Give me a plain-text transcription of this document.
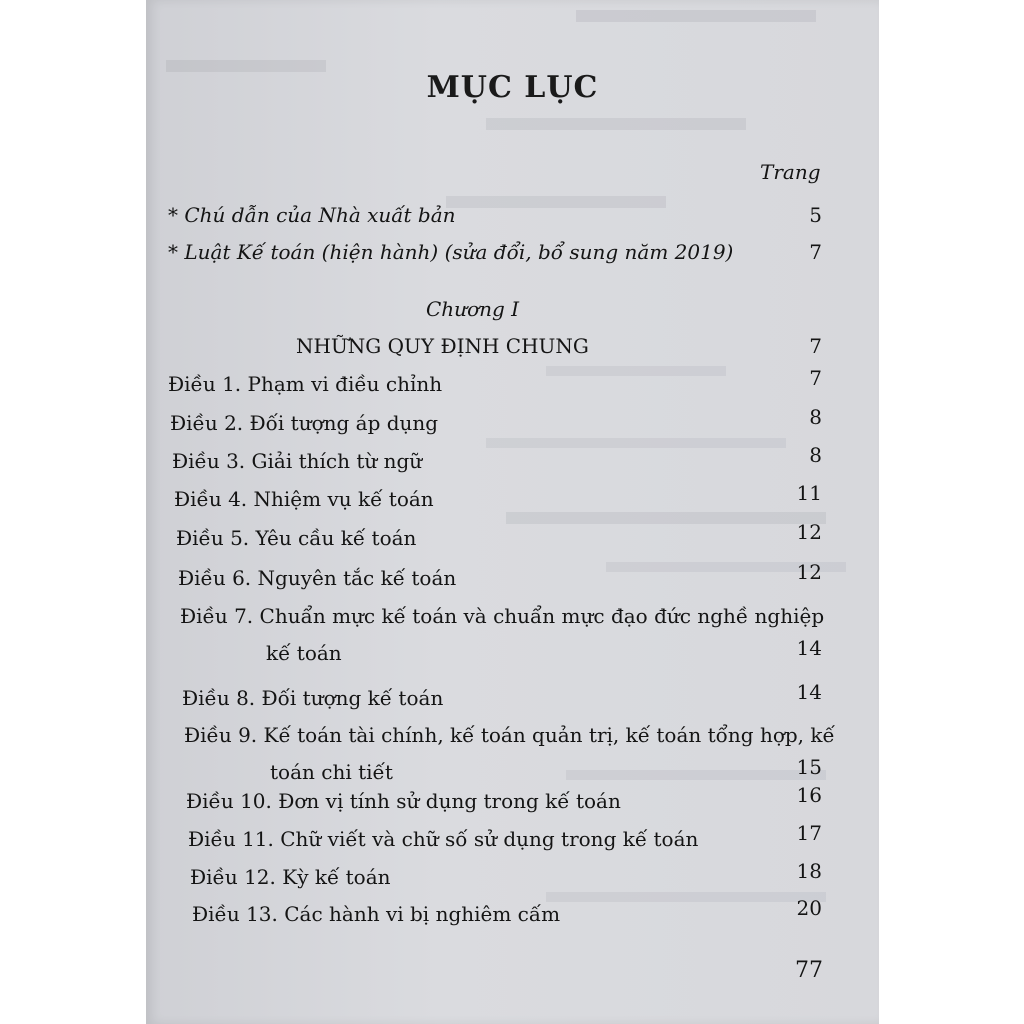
MỤC LỤC
Trang
* Chú dẫn của Nhà xuất bản	5
* Luật Kế toán (hiện hành) (sửa đổi, bổ sung năm 2019)	7
Chương I
NHỮNG QUY ĐỊNH CHUNG	7
Điều 1. Phạm vi điều chỉnh	7
Điều 2. Đối tượng áp dụng	8
Điều 3. Giải thích từ ngữ	8
Điều 4. Nhiệm vụ kế toán	11
Điều 5. Yêu cầu kế toán	12
Điều 6. Nguyên tắc kế toán	12
Điều 7. Chuẩn mực kế toán và chuẩn mực đạo đức nghề nghiệp
kế toán	14
Điều 8. Đối tượng kế toán	14
Điều 9. Kế toán tài chính, kế toán quản trị, kế toán tổng hợp, kế
toán chi tiết	15
Điều 10. Đơn vị tính sử dụng trong kế toán	16
Điều 11. Chữ viết và chữ số sử dụng trong kế toán	17
Điều 12. Kỳ kế toán	18
Điều 13. Các hành vi bị nghiêm cấm	20
77
